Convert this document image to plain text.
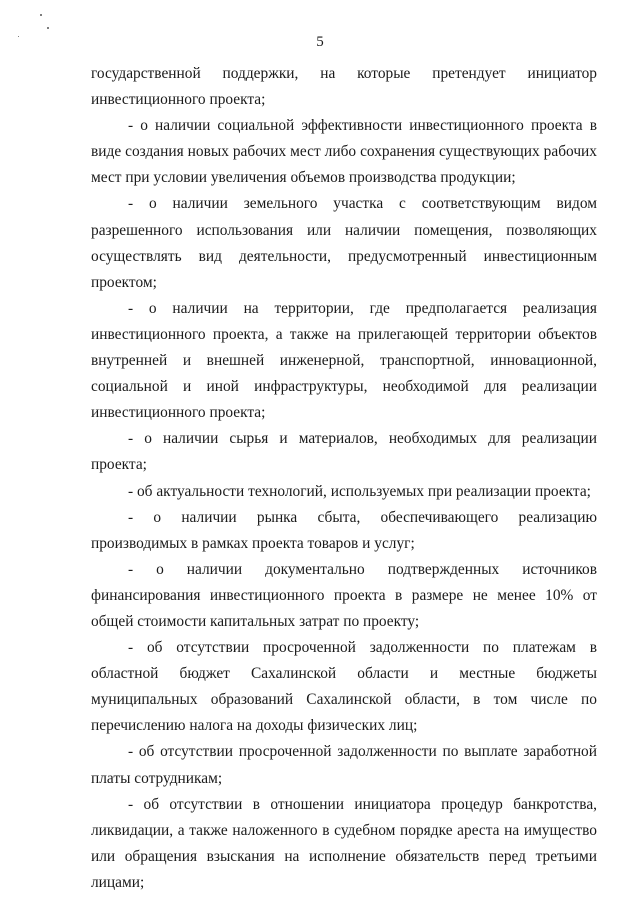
5

государственной поддержки, на которые претендует инициатор инвестиционного проекта;

- о наличии социальной эффективности инвестиционного проекта в виде создания новых рабочих мест либо сохранения существующих рабочих мест при условии увеличения объемов производства продукции;

- о наличии земельного участка с соответствующим видом разрешенного использования или наличии помещения, позволяющих осуществлять вид деятельности, предусмотренный инвестиционным проектом;

- о наличии на территории, где предполагается реализация инвестиционного проекта, а также на прилегающей территории объектов внутренней и внешней инженерной, транспортной, инновационной, социальной и иной инфраструктуры, необходимой для реализации инвестиционного проекта;

- о наличии сырья и материалов, необходимых для реализации проекта;

- об актуальности технологий, используемых при реализации проекта;

- о наличии рынка сбыта, обеспечивающего реализацию производимых в рамках проекта товаров и услуг;

- о наличии документально подтвержденных источников финансирования инвестиционного проекта в размере не менее 10% от общей стоимости капитальных затрат по проекту;

- об отсутствии просроченной задолженности по платежам в областной бюджет Сахалинской области и местные бюджеты муниципальных образований Сахалинской области, в том числе по перечислению налога на доходы физических лиц;

- об отсутствии просроченной задолженности по выплате заработной платы сотрудникам;

- об отсутствии в отношении инициатора процедур банкротства, ликвидации, а также наложенного в судебном порядке ареста на имущество или обращения взыскания на исполнение обязательств перед третьими лицами;
